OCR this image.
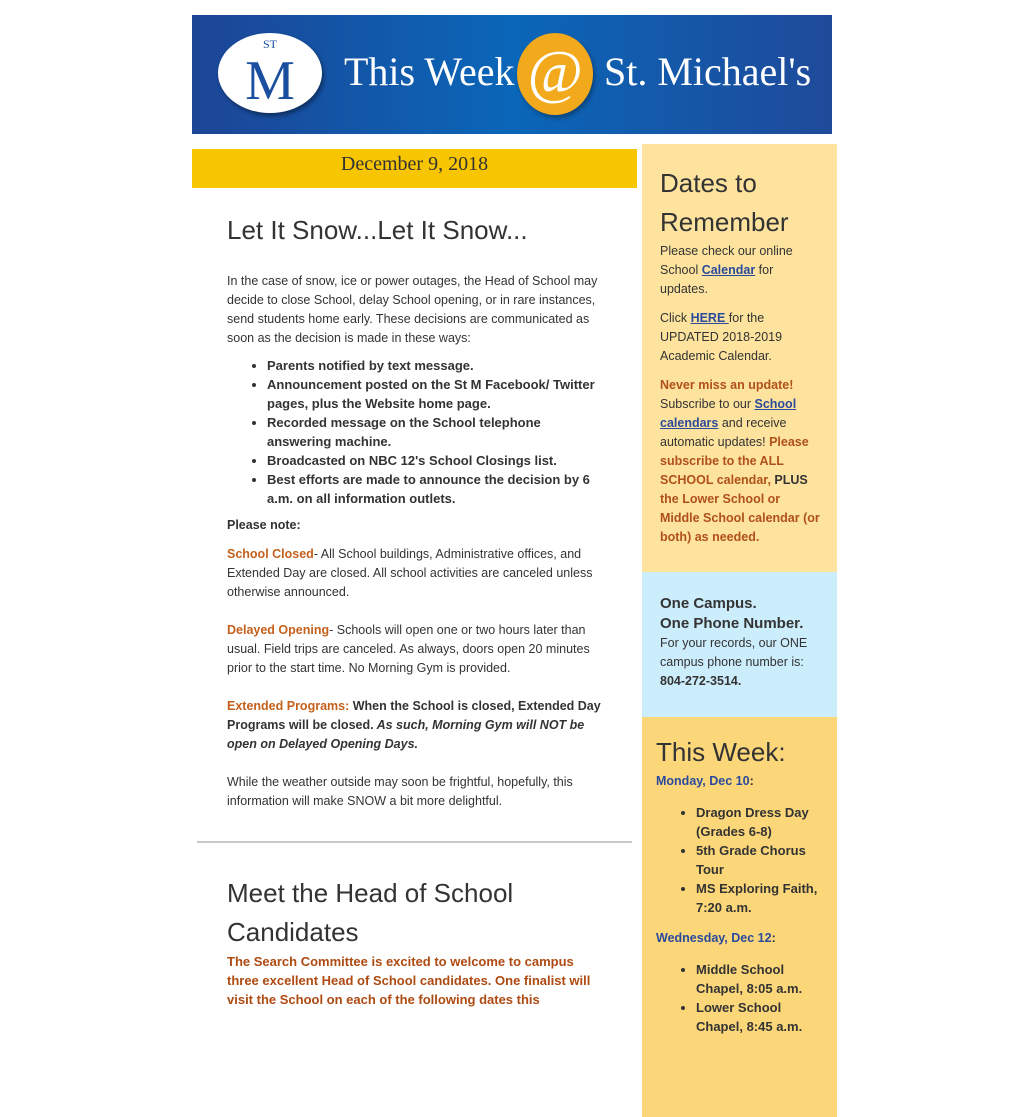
ST
M	This Week @ St. Michael's
December 9, 2018
Let It Snow...Let It Snow...

In the case of snow, ice or power outages, the Head of School may decide to close School, delay School opening, or in rare instances, send students home early. These decisions are communicated as soon as the decision is made in these ways:

• Parents notified by text message.
• Announcement posted on the St M Facebook/ Twitter pages, plus the Website home page.
• Recorded message on the School telephone answering machine.
• Broadcasted on NBC 12's School Closings list.
• Best efforts are made to announce the decision by 6 a.m. on all information outlets.

Please note:

School Closed- All School buildings, Administrative offices, and Extended Day are closed. All school activities are canceled unless otherwise announced.

Delayed Opening- Schools will open one or two hours later than usual. Field trips are canceled. As always, doors open 20 minutes prior to the start time. No Morning Gym is provided.

Extended Programs: When the School is closed, Extended Day Programs will be closed. As such, Morning Gym will NOT be open on Delayed Opening Days.

While the weather outside may soon be frightful, hopefully, this information will make SNOW a bit more delightful.

Meet the Head of School Candidates

The Search Committee is excited to welcome to campus three excellent Head of School candidates. One finalist will visit the School on each of the following dates this

Dates to Remember

Please check our online School Calendar for updates.

Click HERE for the UPDATED 2018-2019 Academic Calendar.

Never miss an update! Subscribe to our School calendars and receive automatic updates! Please subscribe to the ALL SCHOOL calendar, PLUS the Lower School or Middle School calendar (or both) as needed.

One Campus.
One Phone Number.

For your records, our ONE campus phone number is:

804-272-3514.

This Week:

Monday, Dec 10:

• Dragon Dress Day (Grades 6-8)
• 5th Grade Chorus Tour
• MS Exploring Faith, 7:20 a.m.

Wednesday, Dec 12:

• Middle School Chapel, 8:05 a.m.
• Lower School Chapel, 8:45 a.m.
